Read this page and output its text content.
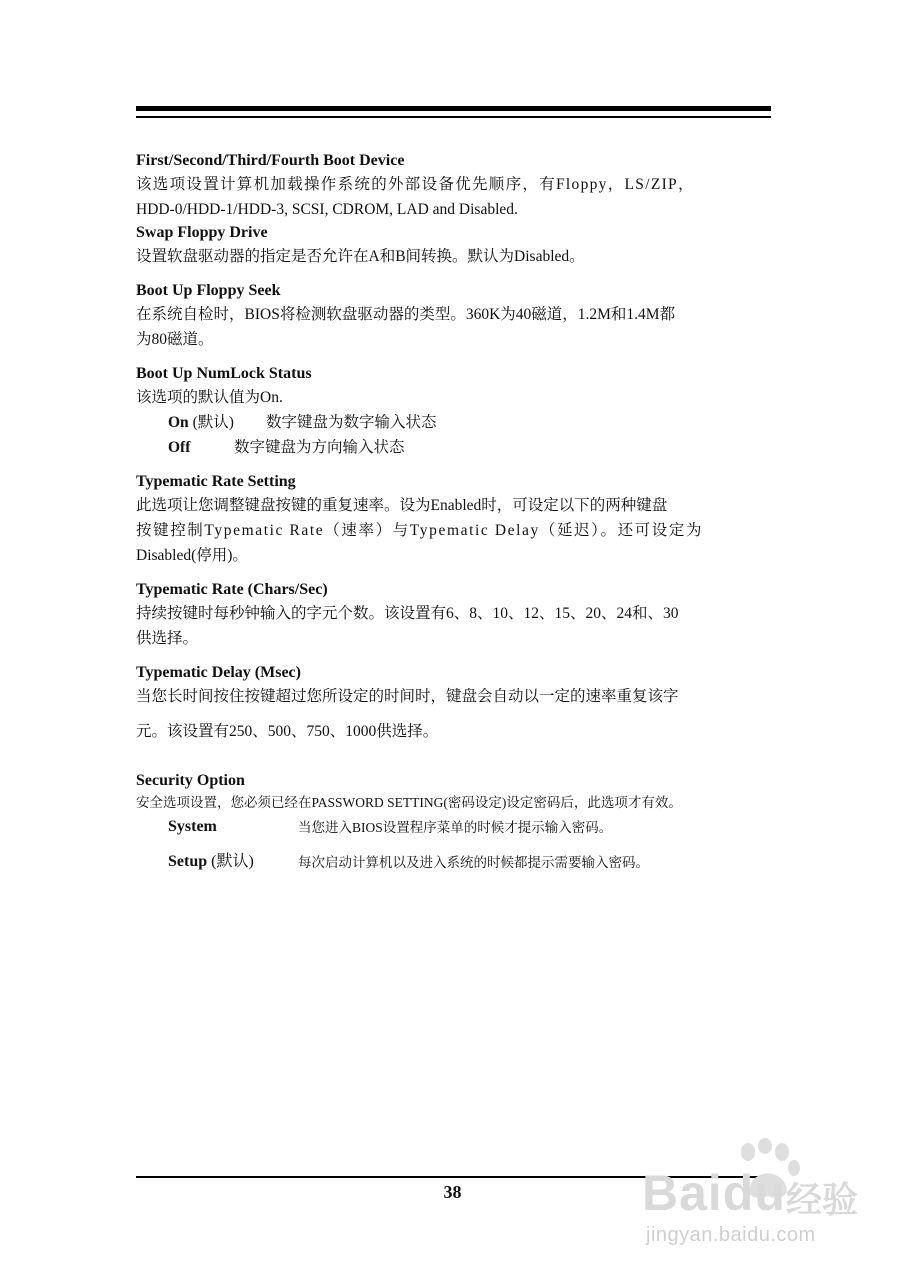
First/Second/Third/Fourth Boot Device
该选项设置计算机加载操作系统的外部设备优先顺序，有Floppy，LS/ZIP，
HDD-0/HDD-1/HDD-3, SCSI, CDROM, LAD and Disabled.
Swap Floppy Drive
设置软盘驱动器的指定是否允许在A和B间转换。默认为Disabled。
Boot Up Floppy Seek
在系统自检时，BIOS将检测软盘驱动器的类型。360K为40磁道，1.2M和1.4M都
为80磁道。
Boot Up NumLock Status
该选项的默认值为On.
On (默认)	数字键盘为数字输入状态
Off	数字键盘为方向输入状态
Typematic Rate Setting
此选项让您调整键盘按键的重复速率。设为Enabled时，可设定以下的两种键盘
按键控制Typematic Rate（速率）与Typematic Delay（延迟）。还可设定为
Disabled(停用)。
Typematic Rate (Chars/Sec)
持续按键时每秒钟输入的字元个数。该设置有6、8、10、12、15、20、24和、30
供选择。
Typematic Delay (Msec)
当您长时间按住按键超过您所设定的时间时，键盘会自动以一定的速率重复该字
元。该设置有250、500、750、1000供选择。
Security Option
安全选项设置，您必须已经在PASSWORD SETTING(密码设定)设定密码后，此选项才有效。
System	当您进入BIOS设置程序菜单的时候才提示输入密码。
Setup (默认)	每次启动计算机以及进入系统的时候都提示需要输入密码。
38	Baidu 经验
jingyan.baidu.com
